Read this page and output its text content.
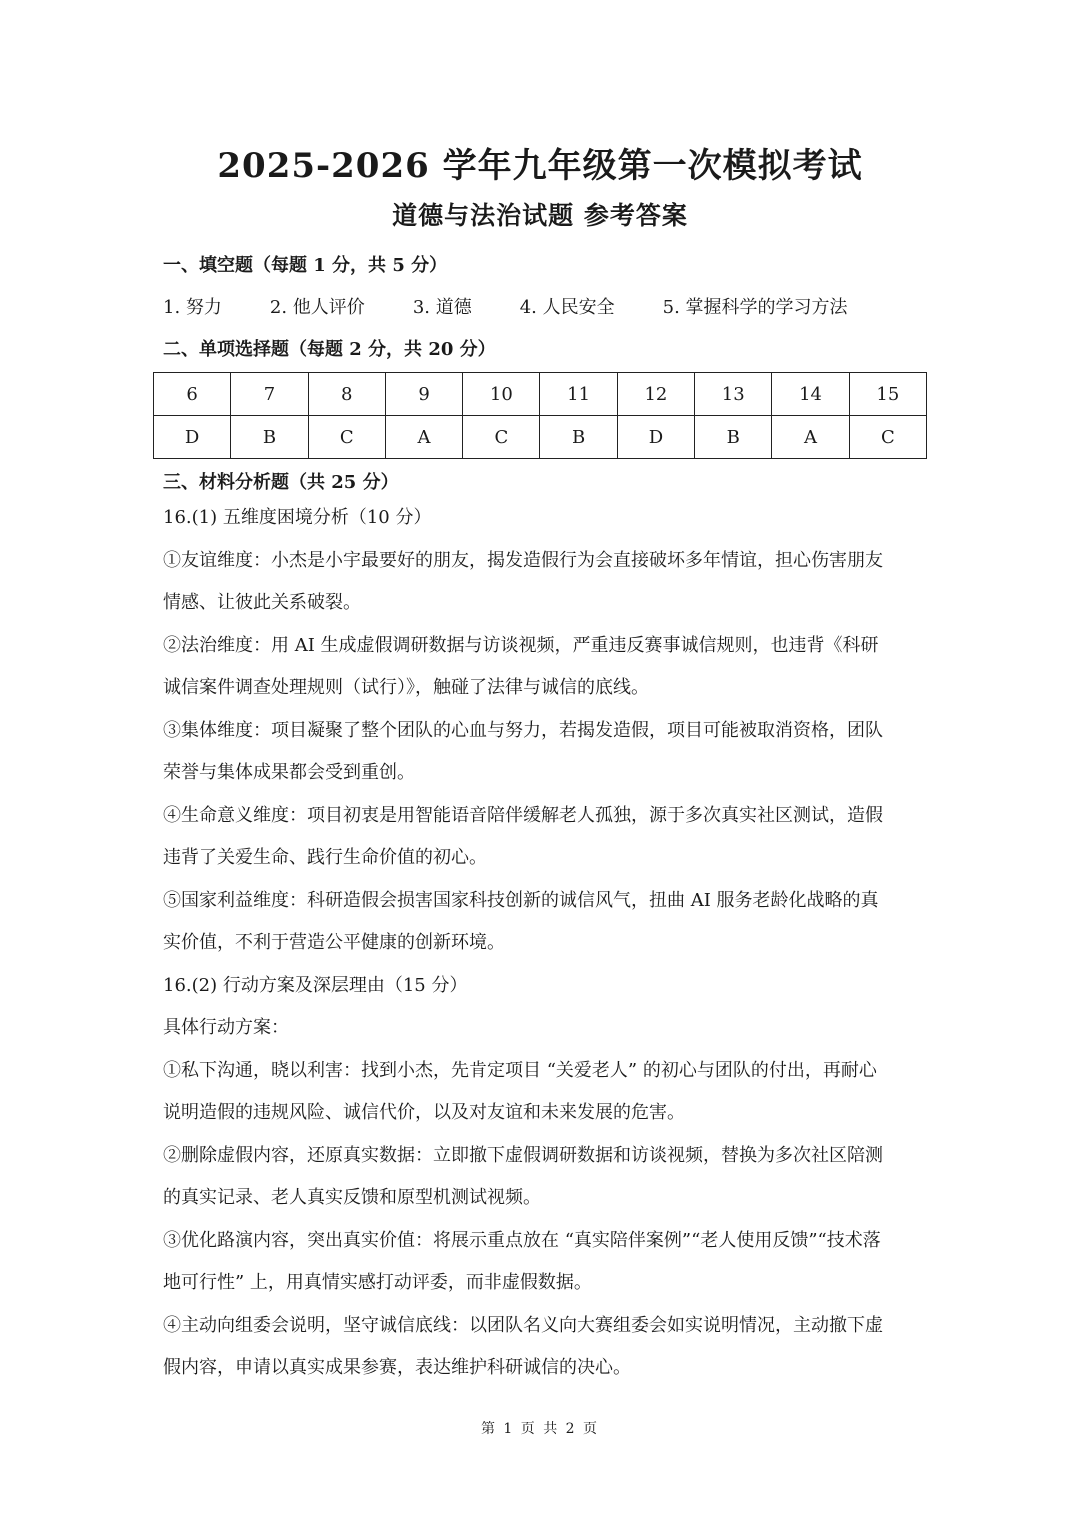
2025-2026 学年九年级第一次模拟考试
道德与法治试题 参考答案

一、填空题（每题 1 分，共 5 分）

1. 努力	2. 他人评价	3. 道德	4. 人民安全	5. 掌握科学的学习方法

二、单项选择题（每题 2 分，共 20 分）

6	7	8	9	10	11	12	13	14	15
D	B	C	A	C	B	D	B	A	C

三、材料分析题（共 25 分）

16.(1) 五维度困境分析（10 分）

①友谊维度：小杰是小宇最要好的朋友，揭发造假行为会直接破坏多年情谊，担心伤害朋友

情感、让彼此关系破裂。

②法治维度：用 AI 生成虚假调研数据与访谈视频，严重违反赛事诚信规则，也违背《科研

诚信案件调查处理规则（试行）》，触碰了法律与诚信的底线。

③集体维度：项目凝聚了整个团队的心血与努力，若揭发造假，项目可能被取消资格，团队

荣誉与集体成果都会受到重创。

④生命意义维度：项目初衷是用智能语音陪伴缓解老人孤独，源于多次真实社区测试，造假

违背了关爱生命、践行生命价值的初心。

⑤国家利益维度：科研造假会损害国家科技创新的诚信风气，扭曲 AI 服务老龄化战略的真

实价值，不利于营造公平健康的创新环境。

16.(2) 行动方案及深层理由（15 分）

具体行动方案：

①私下沟通，晓以利害：找到小杰，先肯定项目 “关爱老人” 的初心与团队的付出，再耐心

说明造假的违规风险、诚信代价，以及对友谊和未来发展的危害。

②删除虚假内容，还原真实数据：立即撤下虚假调研数据和访谈视频，替换为多次社区陪测

的真实记录、老人真实反馈和原型机测试视频。

③优化路演内容，突出真实价值：将展示重点放在 “真实陪伴案例”“老人使用反馈”“技术落

地可行性” 上，用真情实感打动评委，而非虚假数据。

④主动向组委会说明，坚守诚信底线：以团队名义向大赛组委会如实说明情况，主动撤下虚

假内容，申请以真实成果参赛，表达维护科研诚信的决心。

第 1 页 共 2 页
